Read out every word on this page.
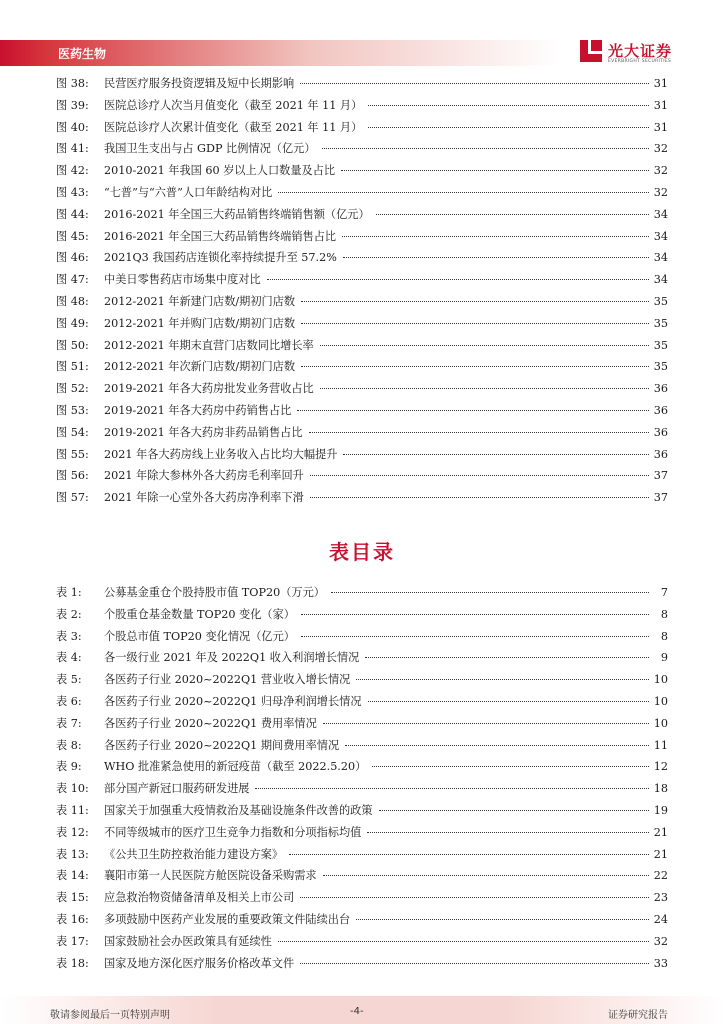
医药生物	光大证券
EVERBRIGHT SECURITIES
图 38:	民营医疗服务投资逻辑及短中长期影响	31
图 39:	医院总诊疗人次当月值变化（截至 2021 年 11 月）	31
图 40:	医院总诊疗人次累计值变化（截至 2021 年 11 月）	31
图 41:	我国卫生支出与占 GDP 比例情况（亿元）	32
图 42:	2010-2021 年我国 60 岁以上人口数量及占比	32
图 43:	“七普”与“六普”人口年龄结构对比	32
图 44:	2016-2021 年全国三大药品销售终端销售额（亿元）	34
图 45:	2016-2021 年全国三大药品销售终端销售占比	34
图 46:	2021Q3 我国药店连锁化率持续提升至 57.2%	34
图 47:	中美日零售药店市场集中度对比	34
图 48:	2012-2021 年新建门店数/期初门店数	35
图 49:	2012-2021 年并购门店数/期初门店数	35
图 50:	2012-2021 年期末直营门店数同比增长率	35
图 51:	2012-2021 年次新门店数/期初门店数	35
图 52:	2019-2021 年各大药房批发业务营收占比	36
图 53:	2019-2021 年各大药房中药销售占比	36
图 54:	2019-2021 年各大药房非药品销售占比	36
图 55:	2021 年各大药房线上业务收入占比均大幅提升	36
图 56:	2021 年除大参林外各大药房毛利率回升	37
图 57:	2021 年除一心堂外各大药房净利率下滑	37
表目录
表 1:	公募基金重仓个股持股市值 TOP20（万元）	7
表 2:	个股重仓基金数量 TOP20 变化（家）	8
表 3:	个股总市值 TOP20 变化情况（亿元）	8
表 4:	各一级行业 2021 年及 2022Q1 收入利润增长情况	9
表 5:	各医药子行业 2020~2022Q1 营业收入增长情况	10
表 6:	各医药子行业 2020~2022Q1 归母净利润增长情况	10
表 7:	各医药子行业 2020~2022Q1 费用率情况	10
表 8:	各医药子行业 2020~2022Q1 期间费用率情况	11
表 9:	WHO 批准紧急使用的新冠疫苗（截至 2022.5.20）	12
表 10:	部分国产新冠口服药研发进展	18
表 11:	国家关于加强重大疫情救治及基础设施条件改善的政策	19
表 12:	不同等级城市的医疗卫生竞争力指数和分项指标均值	21
表 13:	《公共卫生防控救治能力建设方案》	21
表 14:	襄阳市第一人民医院方舱医院设备采购需求	22
表 15:	应急救治物资储备清单及相关上市公司	23
表 16:	多项鼓励中医药产业发展的重要政策文件陆续出台	24
表 17:	国家鼓励社会办医政策具有延续性	32
表 18:	国家及地方深化医疗服务价格改革文件	33
敬请参阅最后一页特别声明	-4-	证券研究报告
